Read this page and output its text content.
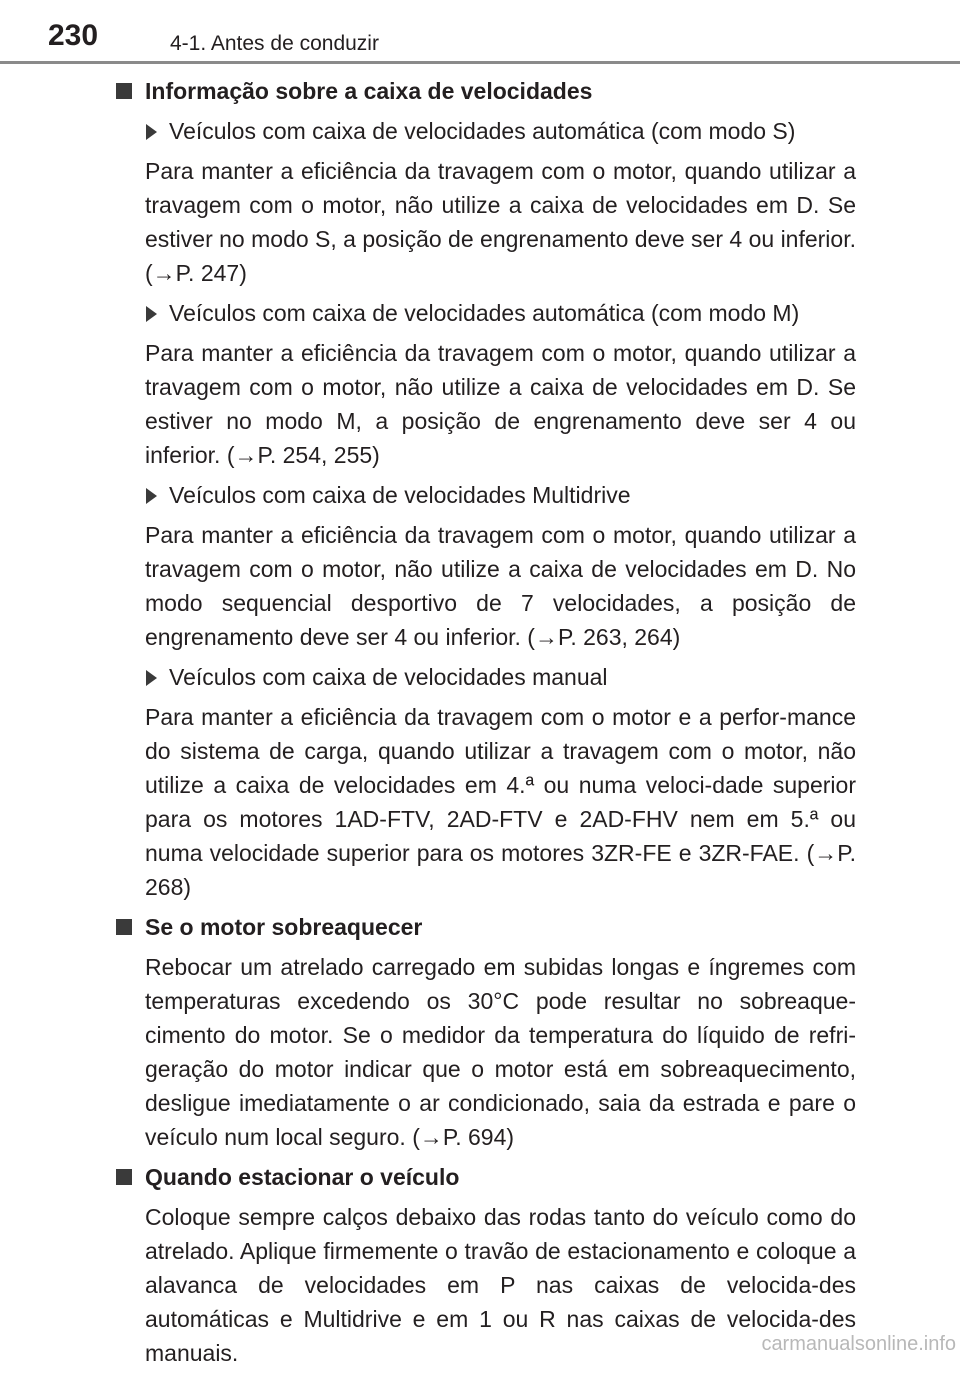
230	4-1. Antes de conduzir
Informação sobre a caixa de velocidades
Veículos com caixa de velocidades automática (com modo S)

Para manter a eficiência da travagem com o motor, quando utilizar a travagem com o motor, não utilize a caixa de velocidades em D. Se estiver no modo S, a posição de engrenamento deve ser 4 ou inferior. (→P. 247)

Veículos com caixa de velocidades automática (com modo M)

Para manter a eficiência da travagem com o motor, quando utilizar a travagem com o motor, não utilize a caixa de velocidades em D. Se estiver no modo M, a posição de engrenamento deve ser 4 ou inferior. (→P. 254, 255)

Veículos com caixa de velocidades Multidrive

Para manter a eficiência da travagem com o motor, quando utilizar a travagem com o motor, não utilize a caixa de velocidades em D. No modo sequencial desportivo de 7 velocidades, a posição de engrenamento deve ser 4 ou inferior. (→P. 263, 264)

Veículos com caixa de velocidades manual

Para manter a eficiência da travagem com o motor e a perfor-mance do sistema de carga, quando utilizar a travagem com o motor, não utilize a caixa de velocidades em 4.ª ou numa veloci-dade superior para os motores 1AD-FTV, 2AD-FTV e 2AD-FHV nem em 5.ª ou numa velocidade superior para os motores 3ZR-FE e 3ZR-FAE. (→P. 268)

Se o motor sobreaquecer

Rebocar um atrelado carregado em subidas longas e íngremes com temperaturas excedendo os 30°C pode resultar no sobreaque-cimento do motor. Se o medidor da temperatura do líquido de refri-geração do motor indicar que o motor está em sobreaquecimento, desligue imediatamente o ar condicionado, saia da estrada e pare o veículo num local seguro. (→P. 694)

Quando estacionar o veículo

Coloque sempre calços debaixo das rodas tanto do veículo como do atrelado. Aplique firmemente o travão de estacionamento e coloque a alavanca de velocidades em P nas caixas de velocida-des automáticas e Multidrive e em 1 ou R nas caixas de velocida-des manuais.	carmanualsonline.info
